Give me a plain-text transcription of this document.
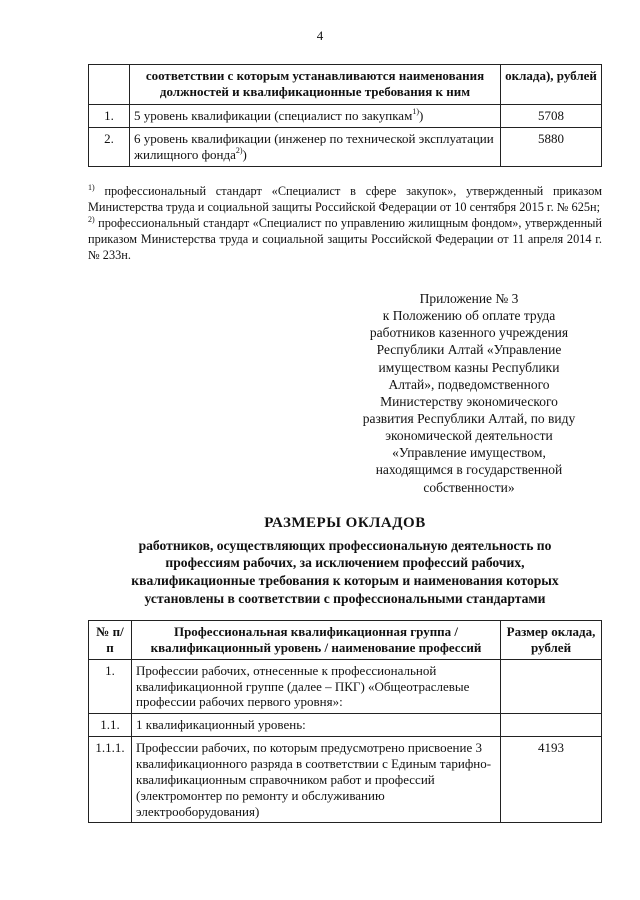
4
	соответствии с которым устанавливаются наименования должностей и квалификационные требования к ним	оклада), рублей
1.	5 уровень квалификации (специалист по закупкам$^{1)}$)	5708
2.	6 уровень квалификации (инженер по технической эксплуатации жилищного фонда$^{2)}$)	5880

$^{1)}$ профессиональный стандарт «Специалист в сфере закупок», утвержденный приказом Министерства труда и социальной защиты Российской Федерации от 10 сентября 2015 г. № 625н;

$^{2)}$ профессиональный стандарт «Специалист по управлению жилищным фондом», утвержденный приказом Министерства труда и социальной защиты Российской Федерации от 11 апреля 2014 г. № 233н.

Приложение № 3
к Положению об оплате труда
работников казенного учреждения
Республики Алтай «Управление
имуществом казны Республики
Алтай», подведомственного
Министерству экономического
развития Республики Алтай, по виду
экономической деятельности
«Управление имуществом,
находящимся в государственной
собственности»
РАЗМЕРЫ ОКЛАДОВ
работников, осуществляющих профессиональную деятельность по
профессиям рабочих, за исключением профессий рабочих,
квалификационные требования к которым и наименования которых
установлены в соответствии с профессиональными стандартами
№ п/п	Профессиональная квалификационная группа / квалификационный уровень / наименование профессий	Размер оклада, рублей
1.	Профессии рабочих, отнесенные к профессиональной квалификационной группе (далее – ПКГ) «Общеотраслевые профессии рабочих первого уровня»:	
1.1.	1 квалификационный уровень:	
1.1.1.	Профессии рабочих, по которым предусмотрено присвоение 3 квалификационного разряда в соответствии с Единым тарифно-квалификационным справочником работ и профессий (электромонтер по ремонту и обслуживанию электрооборудования)	4193
